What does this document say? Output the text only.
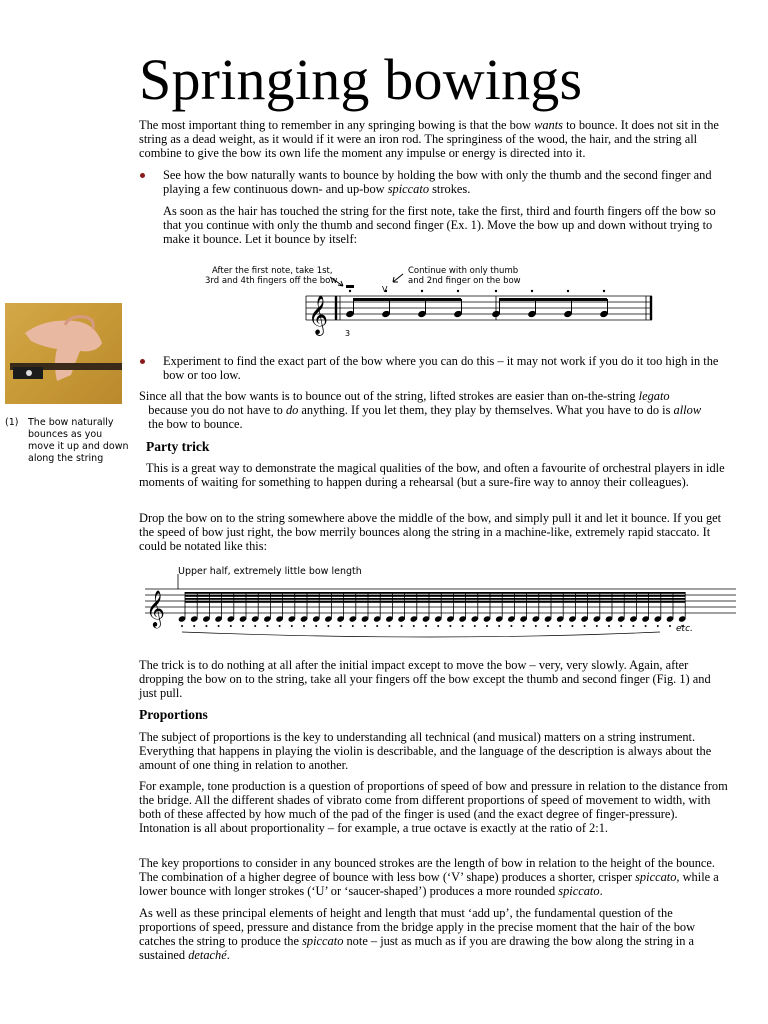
Springing bowings

The most important thing to remember in any springing bowing is that the bow wants to bounce. It does not sit in the string as a dead weight, as it would if it were an iron rod. The springiness of the wood, the hair, and the string all combine to give the bow its own life the moment any impulse or energy is directed into it.

See how the bow naturally wants to bounce by holding the bow with only the thumb and the second finger and playing a few continuous down- and up-bow spiccato strokes.

As soon as the hair has touched the string for the first note, take the first, third and fourth fingers off the bow so that you continue with only the thumb and second finger (Ex. 1). Move the bow up and down without trying to make it bounce. Let it bounce by itself:

After the first note, take 1st,
3rd and 4th fingers off the bow
Continue with only thumb
and 2nd finger on the bow
𝄞
V
3
(1) The bow naturally
bounces as you
move it up and down
along the string

Experiment to find the exact part of the bow where you can do this – it may not work if you do it too high in the bow or too low.

Since all that the bow wants is to bounce out of the string, lifted strokes are easier than on-the-string legato
because you do not have to do anything. If you let them, they play by themselves. What you have to do is allow
the bow to bounce.

Party trick

This is a great way to demonstrate the magical qualities of the bow, and often a favourite of orchestral players in idle moments of waiting for something to happen during a rehearsal (but a sure-fire way to annoy their colleagues).

Drop the bow on to the string somewhere above the middle of the bow, and simply pull it and let it bounce. If you get the speed of bow just right, the bow merrily bounces along the string in a machine-like, extremely rapid staccato. It could be notated like this:

Upper half, extremely little bow length
𝄞
etc.

The trick is to do nothing at all after the initial impact except to move the bow – very, very slowly. Again, after dropping the bow on to the string, take all your fingers off the bow except the thumb and second finger (Fig. 1) and just pull.

Proportions

The subject of proportions is the key to understanding all technical (and musical) matters on a string instrument. Everything that happens in playing the violin is describable, and the language of the description is always about the amount of one thing in relation to another.

For example, tone production is a question of proportions of speed of bow and pressure in relation to the distance from the bridge. All the different shades of vibrato come from different proportions of speed of movement to width, with both of these affected by how much of the pad of the finger is used (and the exact degree of finger-pressure). Intonation is all about proportionality – for example, a true octave is exactly at the ratio of 2:1.

The key proportions to consider in any bounced strokes are the length of bow in relation to the height of the bounce. The combination of a higher degree of bounce with less bow (‘V’ shape) produces a shorter, crisper spiccato, while a lower bounce with longer strokes (‘U’ or ‘saucer-shaped’) produces a more rounded spiccato.

As well as these principal elements of height and length that must ‘add up’, the fundamental question of the proportions of speed, pressure and distance from the bridge apply in the precise moment that the hair of the bow catches the string to produce the spiccato note – just as much as if you are drawing the bow along the string in a sustained detaché.
